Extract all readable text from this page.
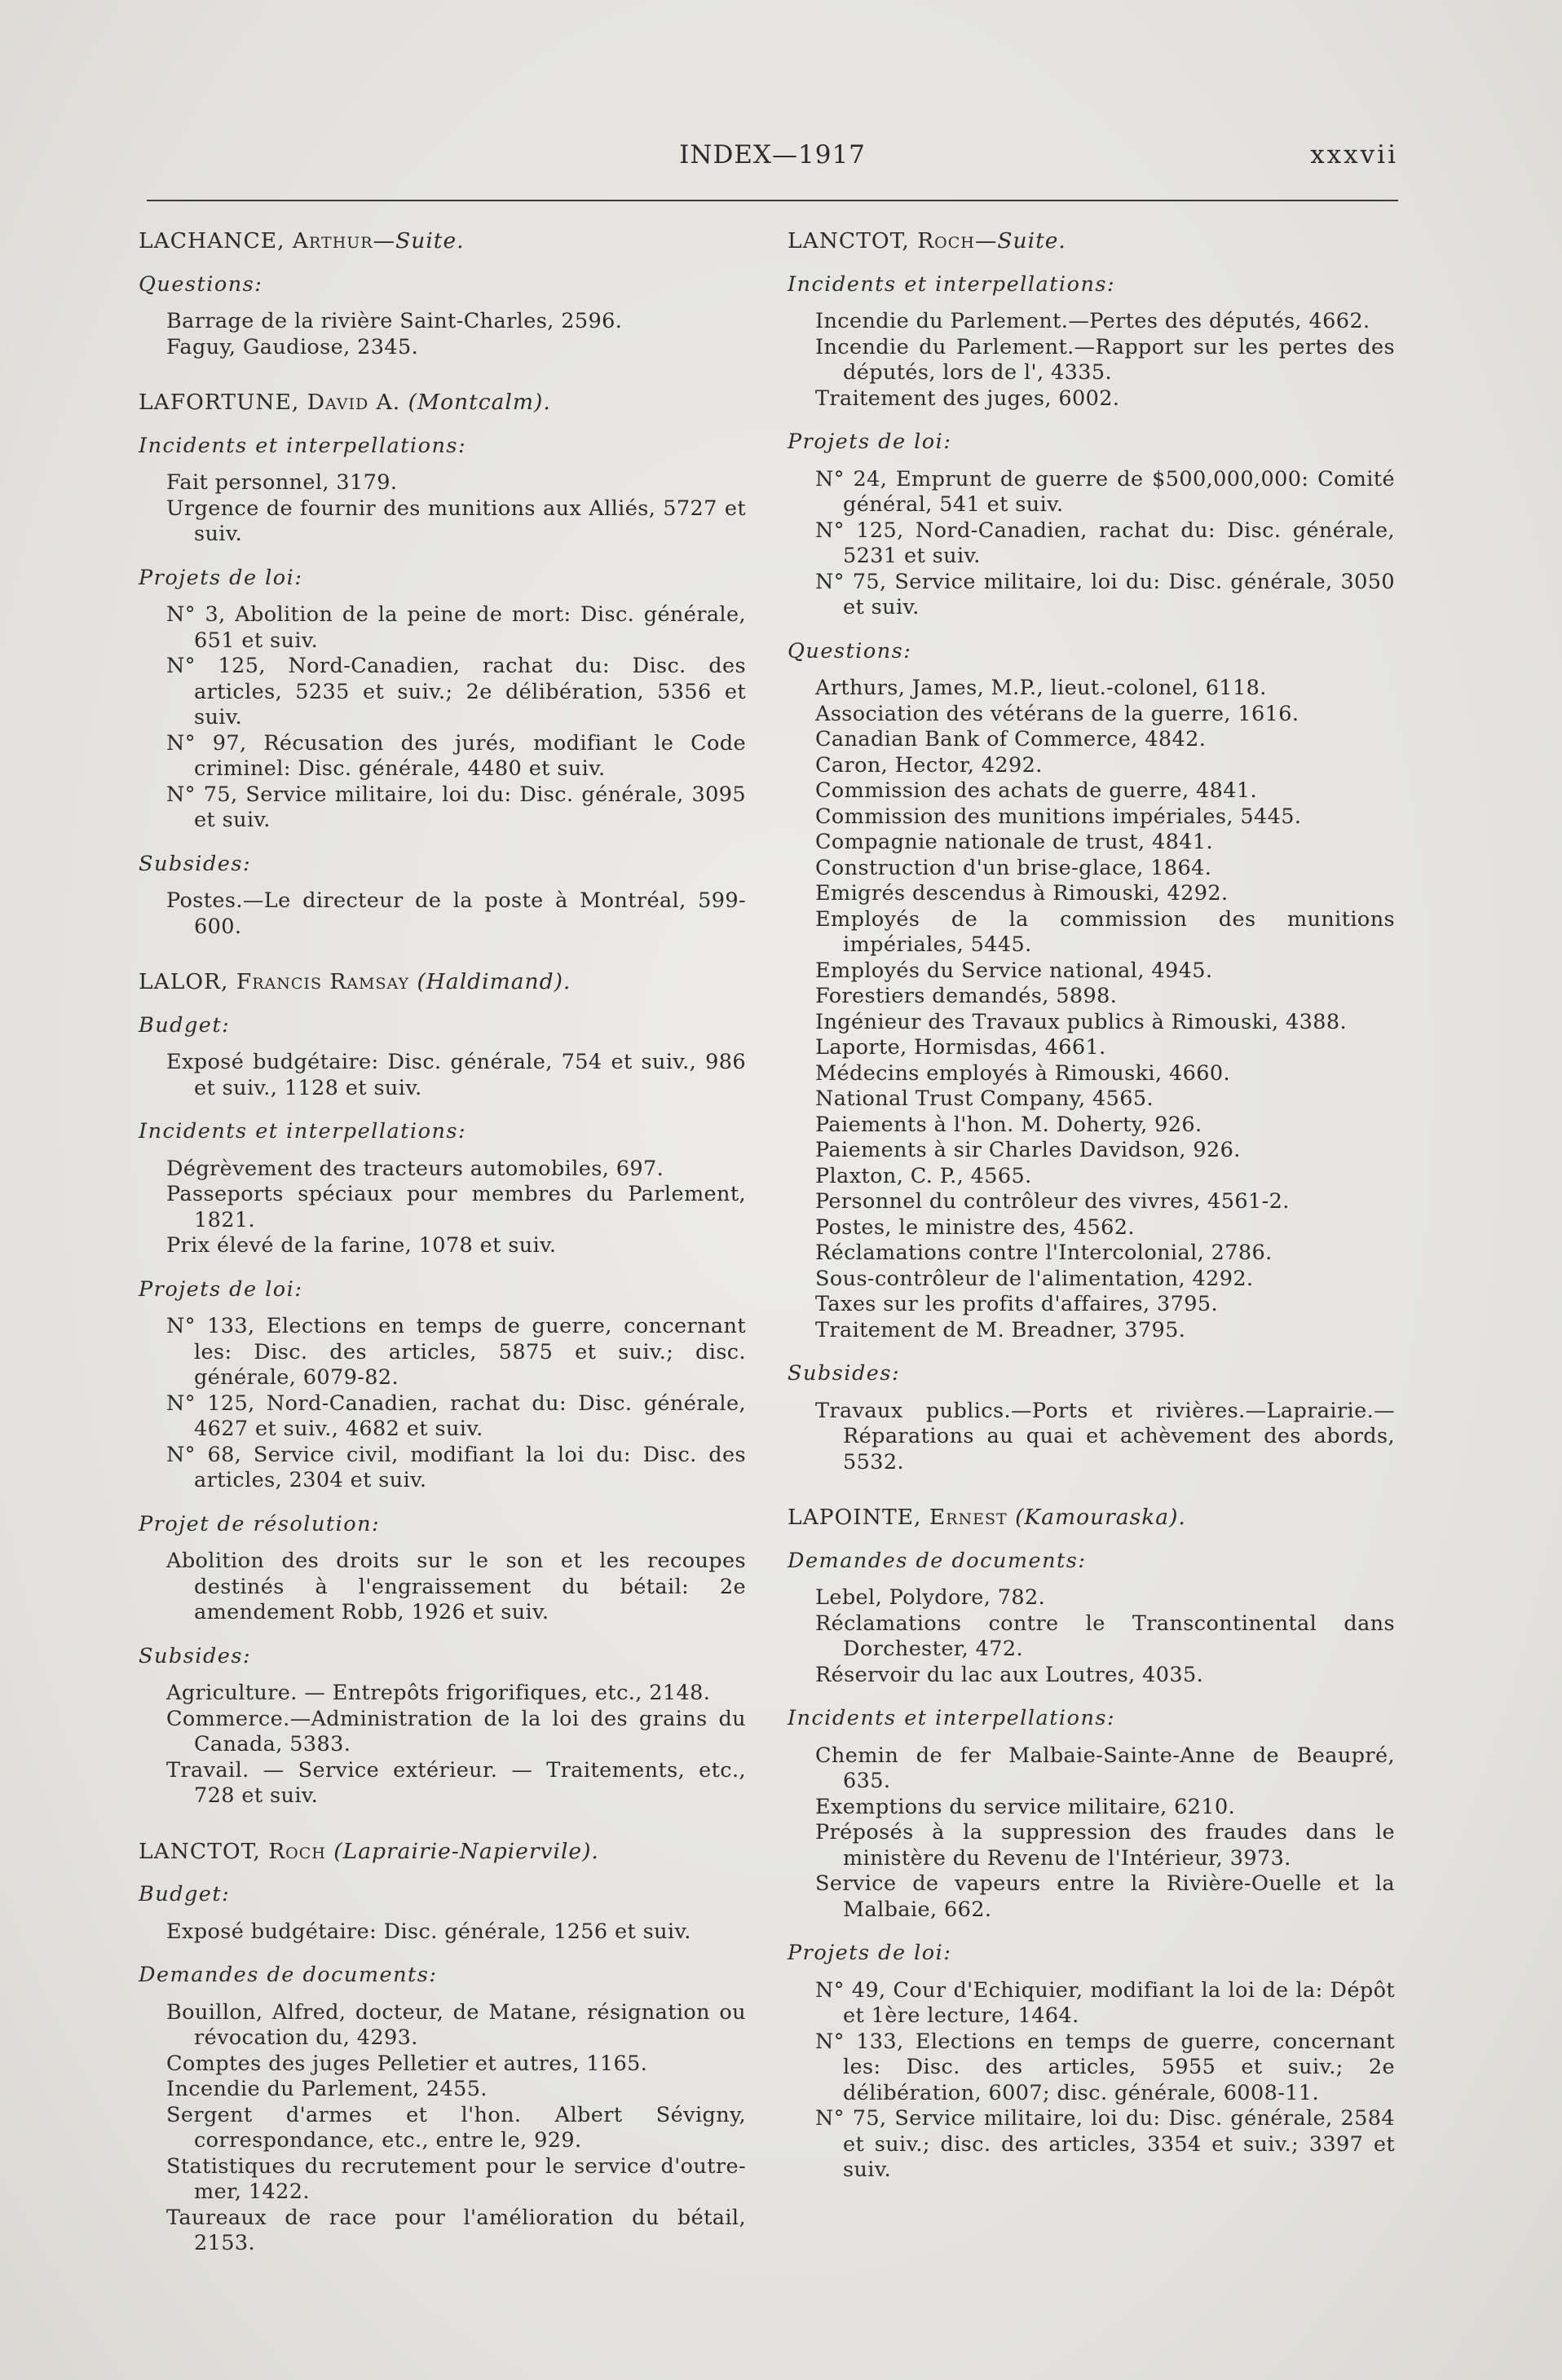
INDEX—1917	xxxvii
LACHANCE, Arthur—Suite.
Questions:
Barrage de la rivière Saint-Charles, 2596.
Faguy, Gaudiose, 2345.
LAFORTUNE, David A. (Montcalm).
Incidents et interpellations:
Fait personnel, 3179.
Urgence de fournir des munitions aux Alliés, 5727 et suiv.
Projets de loi:
N° 3, Abolition de la peine de mort: Disc. générale, 651 et suiv.
N° 125, Nord-Canadien, rachat du: Disc. des articles, 5235 et suiv.; 2e délibération, 5356 et suiv.
N° 97, Récusation des jurés, modifiant le Code criminel: Disc. générale, 4480 et suiv.
N° 75, Service militaire, loi du: Disc. générale, 3095 et suiv.
Subsides:
Postes.—Le directeur de la poste à Montréal, 599-600.
LALOR, Francis Ramsay (Haldimand).
Budget:
Exposé budgétaire: Disc. générale, 754 et suiv., 986 et suiv., 1128 et suiv.
Incidents et interpellations:
Dégrèvement des tracteurs automobiles, 697.
Passeports spéciaux pour membres du Parlement, 1821.
Prix élevé de la farine, 1078 et suiv.
Projets de loi:
N° 133, Elections en temps de guerre, concernant les: Disc. des articles, 5875 et suiv.; disc. générale, 6079-82.
N° 125, Nord-Canadien, rachat du: Disc. générale, 4627 et suiv., 4682 et suiv.
N° 68, Service civil, modifiant la loi du: Disc. des articles, 2304 et suiv.
Projet de résolution:
Abolition des droits sur le son et les recoupes destinés à l'engraissement du bétail: 2e amendement Robb, 1926 et suiv.
Subsides:
Agriculture. — Entrepôts frigorifiques, etc., 2148.
Commerce.—Administration de la loi des grains du Canada, 5383.
Travail. — Service extérieur. — Traitements, etc., 728 et suiv.
LANCTOT, Roch (Laprairie-Napiervile).
Budget:
Exposé budgétaire: Disc. générale, 1256 et suiv.
Demandes de documents:
Bouillon, Alfred, docteur, de Matane, résignation ou révocation du, 4293.
Comptes des juges Pelletier et autres, 1165.
Incendie du Parlement, 2455.
Sergent d'armes et l'hon. Albert Sévigny, correspondance, etc., entre le, 929.
Statistiques du recrutement pour le service d'outre-mer, 1422.
Taureaux de race pour l'amélioration du bétail, 2153.
LANCTOT, Roch—Suite.
Incidents et interpellations:
Incendie du Parlement.—Pertes des députés, 4662.
Incendie du Parlement.—Rapport sur les pertes des députés, lors de l', 4335.
Traitement des juges, 6002.
Projets de loi:
N° 24, Emprunt de guerre de $500,000,000: Comité général, 541 et suiv.
N° 125, Nord-Canadien, rachat du: Disc. générale, 5231 et suiv.
N° 75, Service militaire, loi du: Disc. générale, 3050 et suiv.
Questions:
Arthurs, James, M.P., lieut.-colonel, 6118.
Association des vétérans de la guerre, 1616.
Canadian Bank of Commerce, 4842.
Caron, Hector, 4292.
Commission des achats de guerre, 4841.
Commission des munitions impériales, 5445.
Compagnie nationale de trust, 4841.
Construction d'un brise-glace, 1864.
Emigrés descendus à Rimouski, 4292.
Employés de la commission des munitions impériales, 5445.
Employés du Service national, 4945.
Forestiers demandés, 5898.
Ingénieur des Travaux publics à Rimouski, 4388.
Laporte, Hormisdas, 4661.
Médecins employés à Rimouski, 4660.
National Trust Company, 4565.
Paiements à l'hon. M. Doherty, 926.
Paiements à sir Charles Davidson, 926.
Plaxton, C. P., 4565.
Personnel du contrôleur des vivres, 4561-2.
Postes, le ministre des, 4562.
Réclamations contre l'Intercolonial, 2786.
Sous-contrôleur de l'alimentation, 4292.
Taxes sur les profits d'affaires, 3795.
Traitement de M. Breadner, 3795.
Subsides:
Travaux publics.—Ports et rivières.—Laprairie.—Réparations au quai et achèvement des abords, 5532.
LAPOINTE, Ernest (Kamouraska).
Demandes de documents:
Lebel, Polydore, 782.
Réclamations contre le Transcontinental dans Dorchester, 472.
Réservoir du lac aux Loutres, 4035.
Incidents et interpellations:
Chemin de fer Malbaie-Sainte-Anne de Beaupré, 635.
Exemptions du service militaire, 6210.
Préposés à la suppression des fraudes dans le ministère du Revenu de l'Intérieur, 3973.
Service de vapeurs entre la Rivière-Ouelle et la Malbaie, 662.
Projets de loi:
N° 49, Cour d'Echiquier, modifiant la loi de la: Dépôt et 1ère lecture, 1464.
N° 133, Elections en temps de guerre, concernant les: Disc. des articles, 5955 et suiv.; 2e délibération, 6007; disc. générale, 6008-11.
N° 75, Service militaire, loi du: Disc. générale, 2584 et suiv.; disc. des articles, 3354 et suiv.; 3397 et suiv.
